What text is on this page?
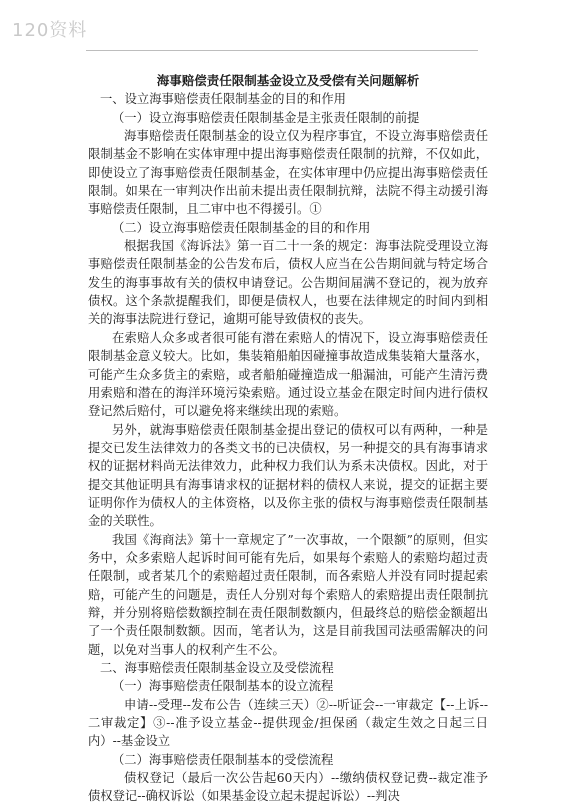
120资料

海事赔偿责任限制基金设立及受偿有关问题解析

一、设立海事赔偿责任限制基金的目的和作用

（一）设立海事赔偿责任限制基金是主张责任限制的前提

海事赔偿责任限制基金的设立仅为程序事宜，不设立海事赔偿责任限制基金不影响在实体审理中提出海事赔偿责任限制的抗辩，不仅如此，即使设立了海事赔偿责任限制基金，在实体审理中仍应提出海事赔偿责任限制。如果在一审判决作出前未提出责任限制抗辩，法院不得主动援引海事赔偿责任限制，且二审中也不得援引。①

（二）设立海事赔偿责任限制基金的目的和作用

根据我国《海诉法》第一百二十一条的规定：海事法院受理设立海事赔偿责任限制基金的公告发布后，债权人应当在公告期间就与特定场合发生的海事事故有关的债权申请登记。公告期间届满不登记的，视为放弃债权。这个条款提醒我们，即便是债权人，也要在法律规定的时间内到相关的海事法院进行登记，逾期可能导致债权的丧失。

在索赔人众多或者很可能有潜在索赔人的情况下，设立海事赔偿责任限制基金意义较大。比如，集装箱船舶因碰撞事故造成集装箱大量落水，可能产生众多货主的索赔，或者船舶碰撞造成一船漏油，可能产生清污费用索赔和潜在的海洋环境污染索赔。通过设立基金在限定时间内进行债权登记然后赔付，可以避免将来继续出现的索赔。

另外，就海事赔偿责任限制基金提出登记的债权可以有两种，一种是提交已发生法律效力的各类文书的已决债权，另一种提交的具有海事请求权的证据材料尚无法律效力，此种权力我们认为系未决债权。因此，对于提交其他证明具有海事请求权的证据材料的债权人来说，提交的证据主要证明你作为债权人的主体资格，以及你主张的债权与海事赔偿责任限制基金的关联性。

我国《海商法》第十一章规定了”一次事故，一个限额”的原则，但实务中，众多索赔人起诉时间可能有先后，如果每个索赔人的索赔均超过责任限制，或者某几个的索赔超过责任限制，而各索赔人并没有同时提起索赔，可能产生的问题是，责任人分别对每个索赔人的索赔提出责任限制抗辩，并分别将赔偿数额控制在责任限制数额内，但最终总的赔偿金额超出了一个责任限制数额。因而，笔者认为，这是目前我国司法亟需解决的问题，以免对当事人的权利产生不公。

二、海事赔偿责任限制基金设立及受偿流程

（一）海事赔偿责任限制基本的设立流程

申请--受理--发布公告（连续三天）②--听证会--一审裁定【--上诉--二审裁定】③--准予设立基金--提供现金/担保函（裁定生效之日起三日内）--基金设立

（二）海事赔偿责任限制基本的受偿流程

债权登记（最后一次公告起60天内）--缴纳债权登记费--裁定准予债权登记--确权诉讼（如果基金设立起未提起诉讼）--判决
